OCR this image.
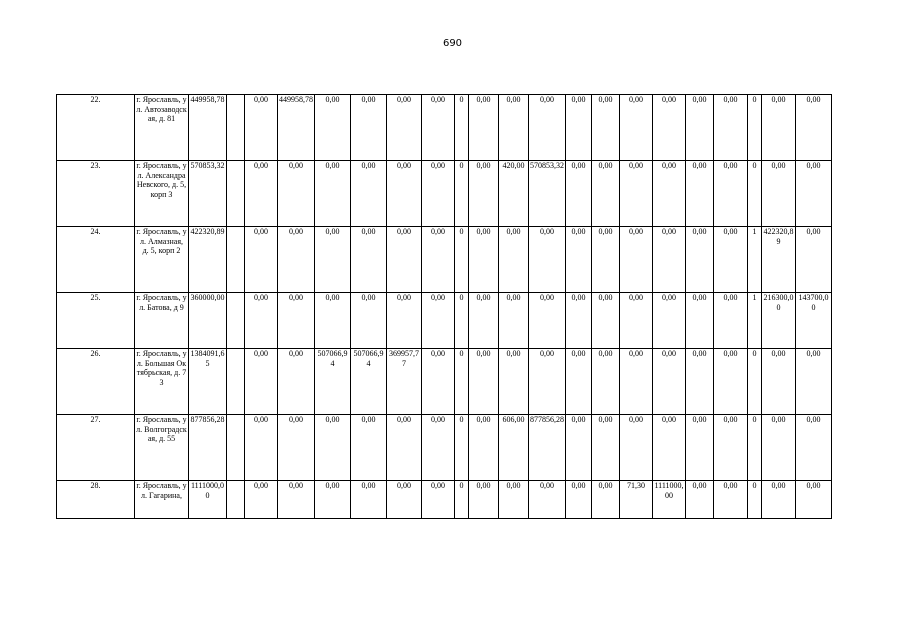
690
22.	г. Ярославль, ул. Автозаводская, д. 81	449958,78		0,00	449958,78	0,00	0,00	0,00	0,00	0	0,00	0,00	0,00	0,00	0,00	0,00	0,00	0,00	0,00	0	0,00	0,00
23.	г. Ярославль, ул. Александра Невского, д. 5, корп 3	570853,32		0,00	0,00	0,00	0,00	0,00	0,00	0	0,00	420,00	570853,32	0,00	0,00	0,00	0,00	0,00	0,00	0	0,00	0,00
24.	г. Ярославль, ул. Алмазная, д. 5, корп 2	422320,89		0,00	0,00	0,00	0,00	0,00	0,00	0	0,00	0,00	0,00	0,00	0,00	0,00	0,00	0,00	0,00	1	422320,89	0,00
25.	г. Ярославль, ул. Батова, д 9	360000,00		0,00	0,00	0,00	0,00	0,00	0,00	0	0,00	0,00	0,00	0,00	0,00	0,00	0,00	0,00	0,00	1	216300,00	143700,00
26.	г. Ярославль, ул. Большая Октябрьская, д. 73	1384091,65		0,00	0,00	507066,94	507066,94	369957,77	0,00	0	0,00	0,00	0,00	0,00	0,00	0,00	0,00	0,00	0,00	0	0,00	0,00
27.	г. Ярославль, ул. Волгоградская, д. 55	877856,28		0,00	0,00	0,00	0,00	0,00	0,00	0	0,00	606,00	877856,28	0,00	0,00	0,00	0,00	0,00	0,00	0	0,00	0,00
28.	г. Ярославль, ул. Гагарина,	1111000,00		0,00	0,00	0,00	0,00	0,00	0,00	0	0,00	0,00	0,00	0,00	0,00	71,30	1111000,00	0,00	0,00	0	0,00	0,00
